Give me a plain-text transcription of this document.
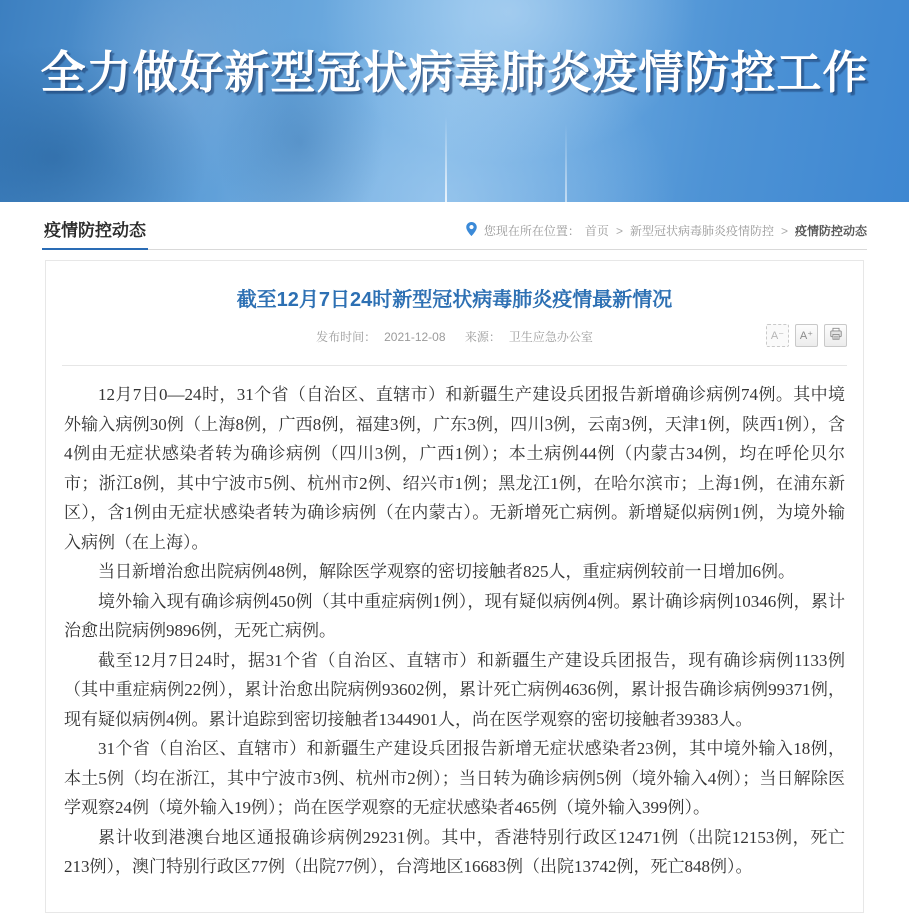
全力做好新型冠状病毒肺炎疫情防控工作
疫情防控动态	您现在所在位置： 首页 > 新型冠状病毒肺炎疫情防控 > 疫情防控动态
截至12月7日24时新型冠状病毒肺炎疫情最新情况
发布时间： 2021-12-08 来源： 卫生应急办公室	A⁻	A⁺

12月7日0—24时，31个省（自治区、直辖市）和新疆生产建设兵团报告新增确诊病例74例。其中境外输入病例30例（上海8例，广西8例，福建3例，广东3例，四川3例，云南3例，天津1例，陕西1例），含4例由无症状感染者转为确诊病例（四川3例，广西1例）；本土病例44例（内蒙古34例，均在呼伦贝尔市；浙江8例，其中宁波市5例、杭州市2例、绍兴市1例；黑龙江1例，在哈尔滨市；上海1例，在浦东新区），含1例由无症状感染者转为确诊病例（在内蒙古）。无新增死亡病例。新增疑似病例1例，为境外输入病例（在上海）。

当日新增治愈出院病例48例，解除医学观察的密切接触者825人，重症病例较前一日增加6例。

境外输入现有确诊病例450例（其中重症病例1例），现有疑似病例4例。累计确诊病例10346例，累计治愈出院病例9896例，无死亡病例。

截至12月7日24时，据31个省（自治区、直辖市）和新疆生产建设兵团报告，现有确诊病例1133例（其中重症病例22例），累计治愈出院病例93602例，累计死亡病例4636例，累计报告确诊病例99371例，现有疑似病例4例。累计追踪到密切接触者1344901人，尚在医学观察的密切接触者39383人。

31个省（自治区、直辖市）和新疆生产建设兵团报告新增无症状感染者23例，其中境外输入18例，本土5例（均在浙江，其中宁波市3例、杭州市2例）；当日转为确诊病例5例（境外输入4例）；当日解除医学观察24例（境外输入19例）；尚在医学观察的无症状感染者465例（境外输入399例）。

累计收到港澳台地区通报确诊病例29231例。其中，香港特别行政区12471例（出院12153例，死亡213例），澳门特别行政区77例（出院77例），台湾地区16683例（出院13742例，死亡848例）。
